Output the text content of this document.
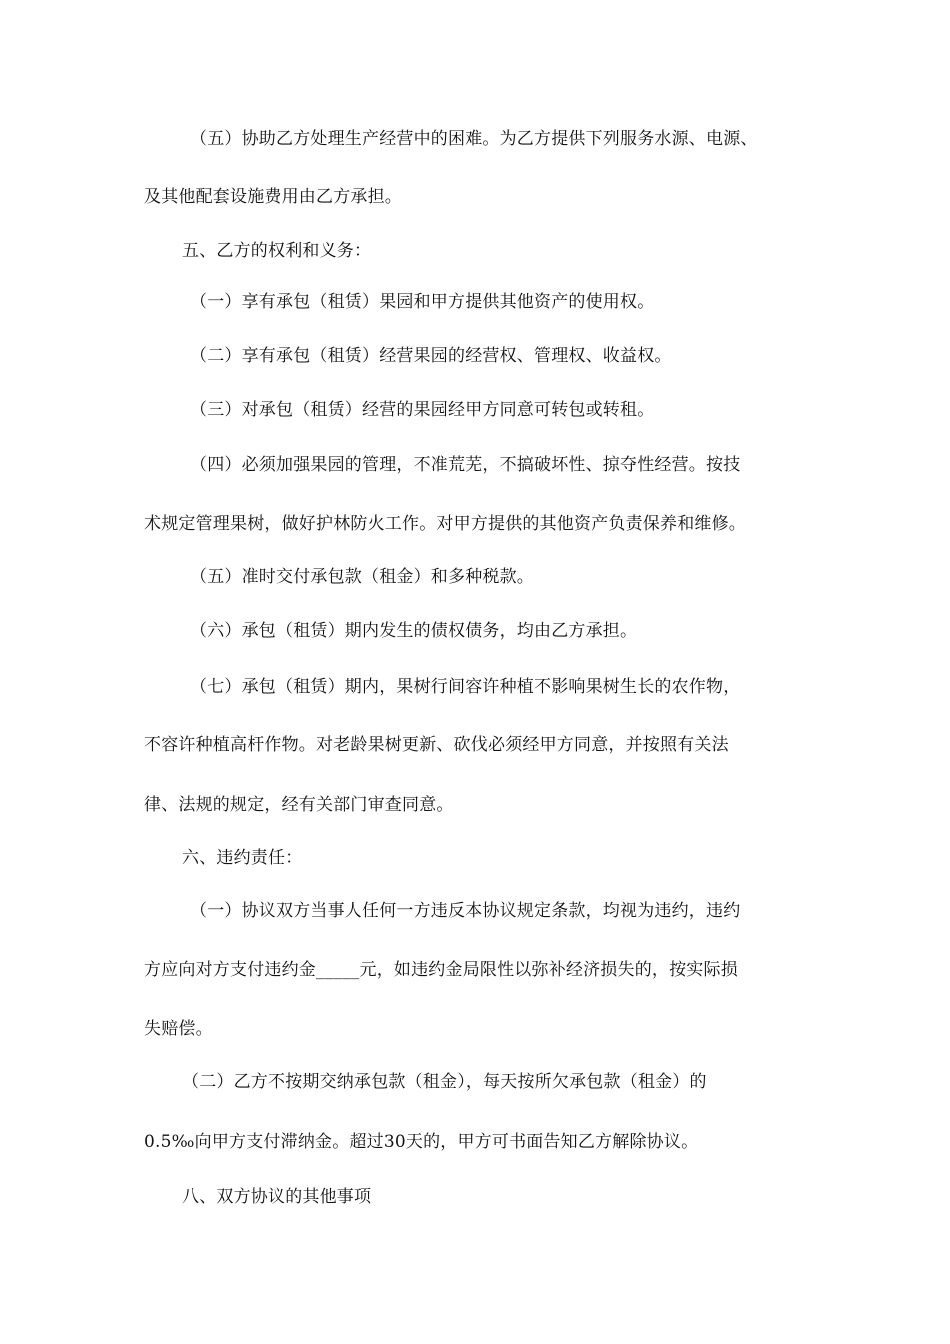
（五）协助乙方处理生产经营中的困难。为乙方提供下列服务水源、电源、
及其他配套设施费用由乙方承担。
五、乙方的权利和义务：
（一）享有承包（租赁）果园和甲方提供其他资产的使用权。
（二）享有承包（租赁）经营果园的经营权、管理权、收益权。
（三）对承包（租赁）经营的果园经甲方同意可转包或转租。
（四）必须加强果园的管理，不准荒芜，不搞破坏性、掠夺性经营。按技
术规定管理果树，做好护林防火工作。对甲方提供的其他资产负责保养和维修。
（五）准时交付承包款（租金）和多种税款。
（六）承包（租赁）期内发生的债权债务，均由乙方承担。
（七）承包（租赁）期内，果树行间容许种植不影响果树生长的农作物，
不容许种植高杆作物。对老龄果树更新、砍伐必须经甲方同意，并按照有关法
律、法规的规定，经有关部门审查同意。
六、违约责任：
（一）协议双方当事人任何一方违反本协议规定条款，均视为违约，违约
方应向对方支付违约金_____元，如违约金局限性以弥补经济损失的，按实际损
失赔偿。
（二）乙方不按期交纳承包款（租金），每天按所欠承包款（租金）的
0.5‰向甲方支付滞纳金。超过30天的，甲方可书面告知乙方解除协议。
八、双方协议的其他事项
